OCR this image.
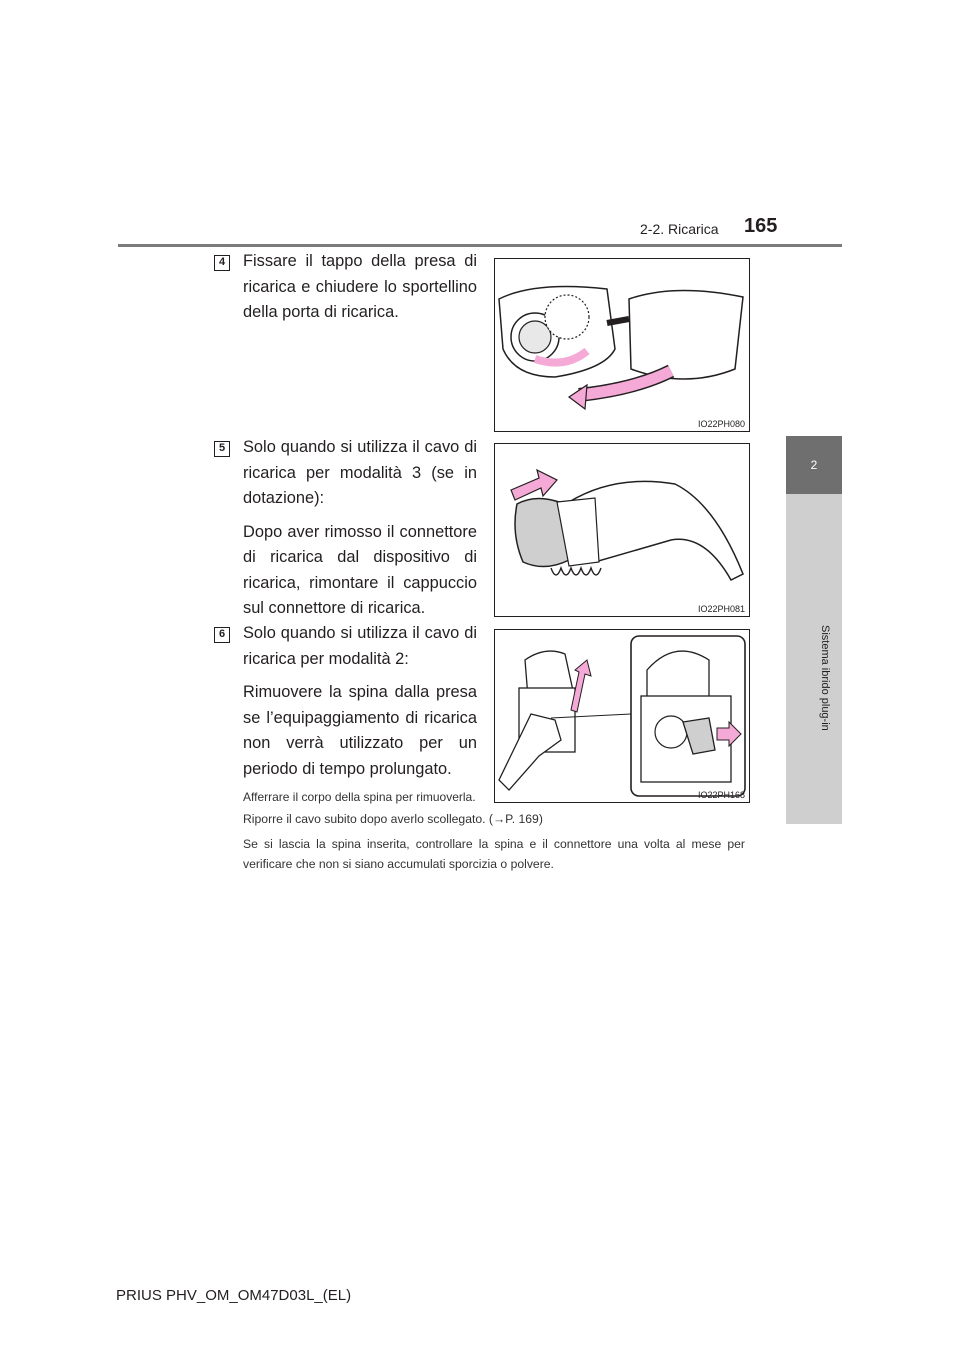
2-2. Ricarica 165
2
4	Fissare il tappo della presa di ricarica e chiudere lo sportellino della porta di ricarica.

IO22PH080
5	Solo quando si utilizza il cavo di ricarica per modalità 3 (se in dotazione):

Dopo aver rimosso il connettore di ricarica dal dispositivo di ricarica, rimontare il cappuccio sul connettore di ricarica.	IO22PH081
6	Solo quando si utilizza il cavo di ricarica per modalità 2:

Rimuovere la spina dalla presa se l’equipaggiamento di ricarica non verrà utilizzato per un periodo di tempo prolungato.

Afferrare il corpo della spina per rimuoverla.	IO22PH168
Riporre il cavo subito dopo averlo scollegato. (→P. 169)
Se si lascia la spina inserita, controllare la spina e il connettore una volta al mese per verificare che non si siano accumulati sporcizia o polvere.
PRIUS PHV_OM_OM47D03L_(EL)
